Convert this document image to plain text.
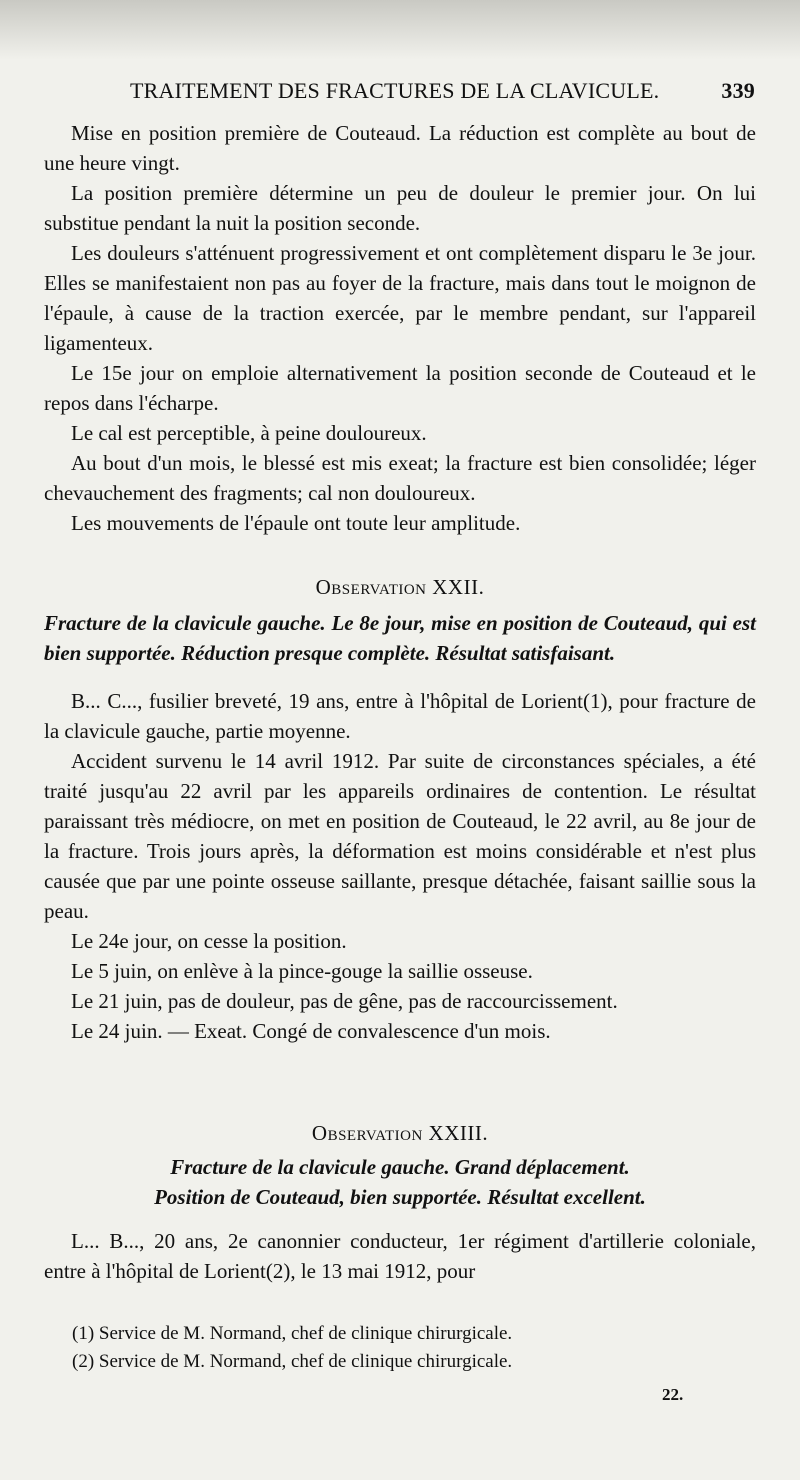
TRAITEMENT DES FRACTURES DE LA CLAVICULE.	339

Mise en position première de Couteaud. La réduction est complète au bout de une heure vingt.

La position première détermine un peu de douleur le premier jour. On lui substitue pendant la nuit la position seconde.

Les douleurs s'atténuent progressivement et ont complètement disparu le 3e jour. Elles se manifestaient non pas au foyer de la fracture, mais dans tout le moignon de l'épaule, à cause de la traction exercée, par le membre pendant, sur l'appareil ligamenteux.

Le 15e jour on emploie alternativement la position seconde de Couteaud et le repos dans l'écharpe.

Le cal est perceptible, à peine douloureux.

Au bout d'un mois, le blessé est mis exeat; la fracture est bien consolidée; léger chevauchement des fragments; cal non douloureux.

Les mouvements de l'épaule ont toute leur amplitude.

Observation XXII.

Fracture de la clavicule gauche. Le 8e jour, mise en position de Couteaud, qui est bien supportée. Réduction presque complète. Résultat satisfaisant.

B... C..., fusilier breveté, 19 ans, entre à l'hôpital de Lorient(1), pour fracture de la clavicule gauche, partie moyenne.

Accident survenu le 14 avril 1912. Par suite de circonstances spéciales, a été traité jusqu'au 22 avril par les appareils ordinaires de contention. Le résultat paraissant très médiocre, on met en position de Couteaud, le 22 avril, au 8e jour de la fracture. Trois jours après, la déformation est moins considérable et n'est plus causée que par une pointe osseuse saillante, presque détachée, faisant saillie sous la peau.

Le 24e jour, on cesse la position.

Le 5 juin, on enlève à la pince-gouge la saillie osseuse.

Le 21 juin, pas de douleur, pas de gêne, pas de raccourcissement.

Le 24 juin. — Exeat. Congé de convalescence d'un mois.

Observation XXIII.

Fracture de la clavicule gauche. Grand déplacement.

Position de Couteaud, bien supportée. Résultat excellent.

L... B..., 20 ans, 2e canonnier conducteur, 1er régiment d'artillerie coloniale, entre à l'hôpital de Lorient(2), le 13 mai 1912, pour

(1) Service de M. Normand, chef de clinique chirurgicale.

(2) Service de M. Normand, chef de clinique chirurgicale.

22.
